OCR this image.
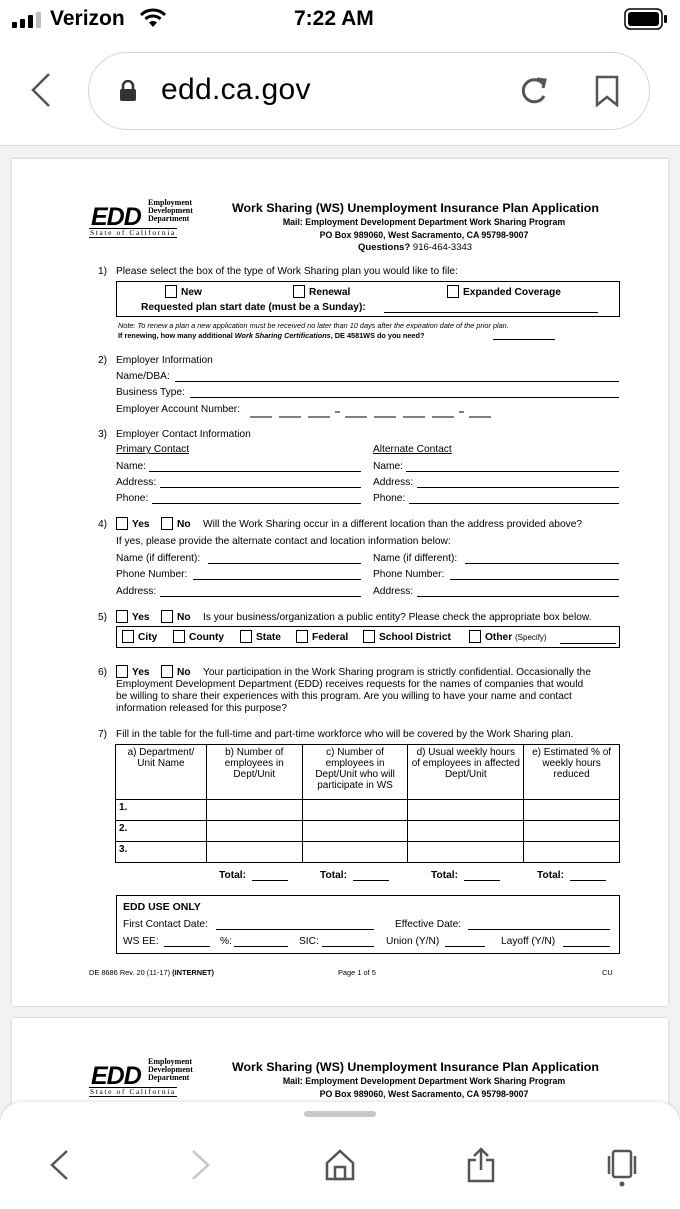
Verizon	7:22 AM
edd.ca.gov
EDD
Employment
Development
Department
State of California
Work Sharing (WS) Unemployment Insurance Plan Application
Mail: Employment Development Department Work Sharing Program
PO Box 989060, West Sacramento, CA 95798-9007
Questions? 916-464-3343
1) Please select the box of the type of Work Sharing plan you would like to file:
New	Renewal	Expanded Coverage
Requested plan start date (must be a Sunday):
Note: To renew a plan a new application must be received no later than 10 days after the expiration date of the prior plan.
If renewing, how many additional Work Sharing Certifications, DE 4581WS do you need?
2) Employer Information
Name/DBA:
Business Type:
Employer Account Number:
3) Employer Contact Information
Primary Contact	Alternate Contact
Name:	Name:
Address:	Address:
Phone:	Phone:
4)	Yes	No Will the Work Sharing occur in a different location than the address provided above?
If yes, please provide the alternate contact and location information below:
Name (if different):	Name (if different):
Phone Number:	Phone Number:
Address:	Address:
5)	Yes	No Is your business/organization a public entity? Please check the appropriate box below.
City	County	State	Federal	School District	Other (Specify)
6)	Yes	No Your participation in the Work Sharing program is strictly confidential. Occasionally the
Employment Development Department (EDD) receives requests for the names of companies that would
be willing to share their experiences with this program. Are you willing to have your name and contact
information released for this purpose?
7) Fill in the table for the full-time and part-time workforce who will be covered by the Work Sharing plan.
a) Department/ Unit Name	b) Number of employees in Dept/Unit	c) Number of employees in Dept/Unit who will participate in WS	d) Usual weekly hours of employees in affected Dept/Unit	e) Estimated % of weekly hours reduced
1.				
2.				
3.				
Total:	Total:	Total:	Total:
EDD USE ONLY
First Contact Date:	Effective Date:
WS EE:	%:	SIC:	Union (Y/N)	Layoff (Y/N)
DE 8686 Rev. 20 (11-17) (INTERNET)	Page 1 of 5	CU
EDD
Employment
Development
Department
State of California
Work Sharing (WS) Unemployment Insurance Plan Application
Mail: Employment Development Department Work Sharing Program
PO Box 989060, West Sacramento, CA 95798-9007
